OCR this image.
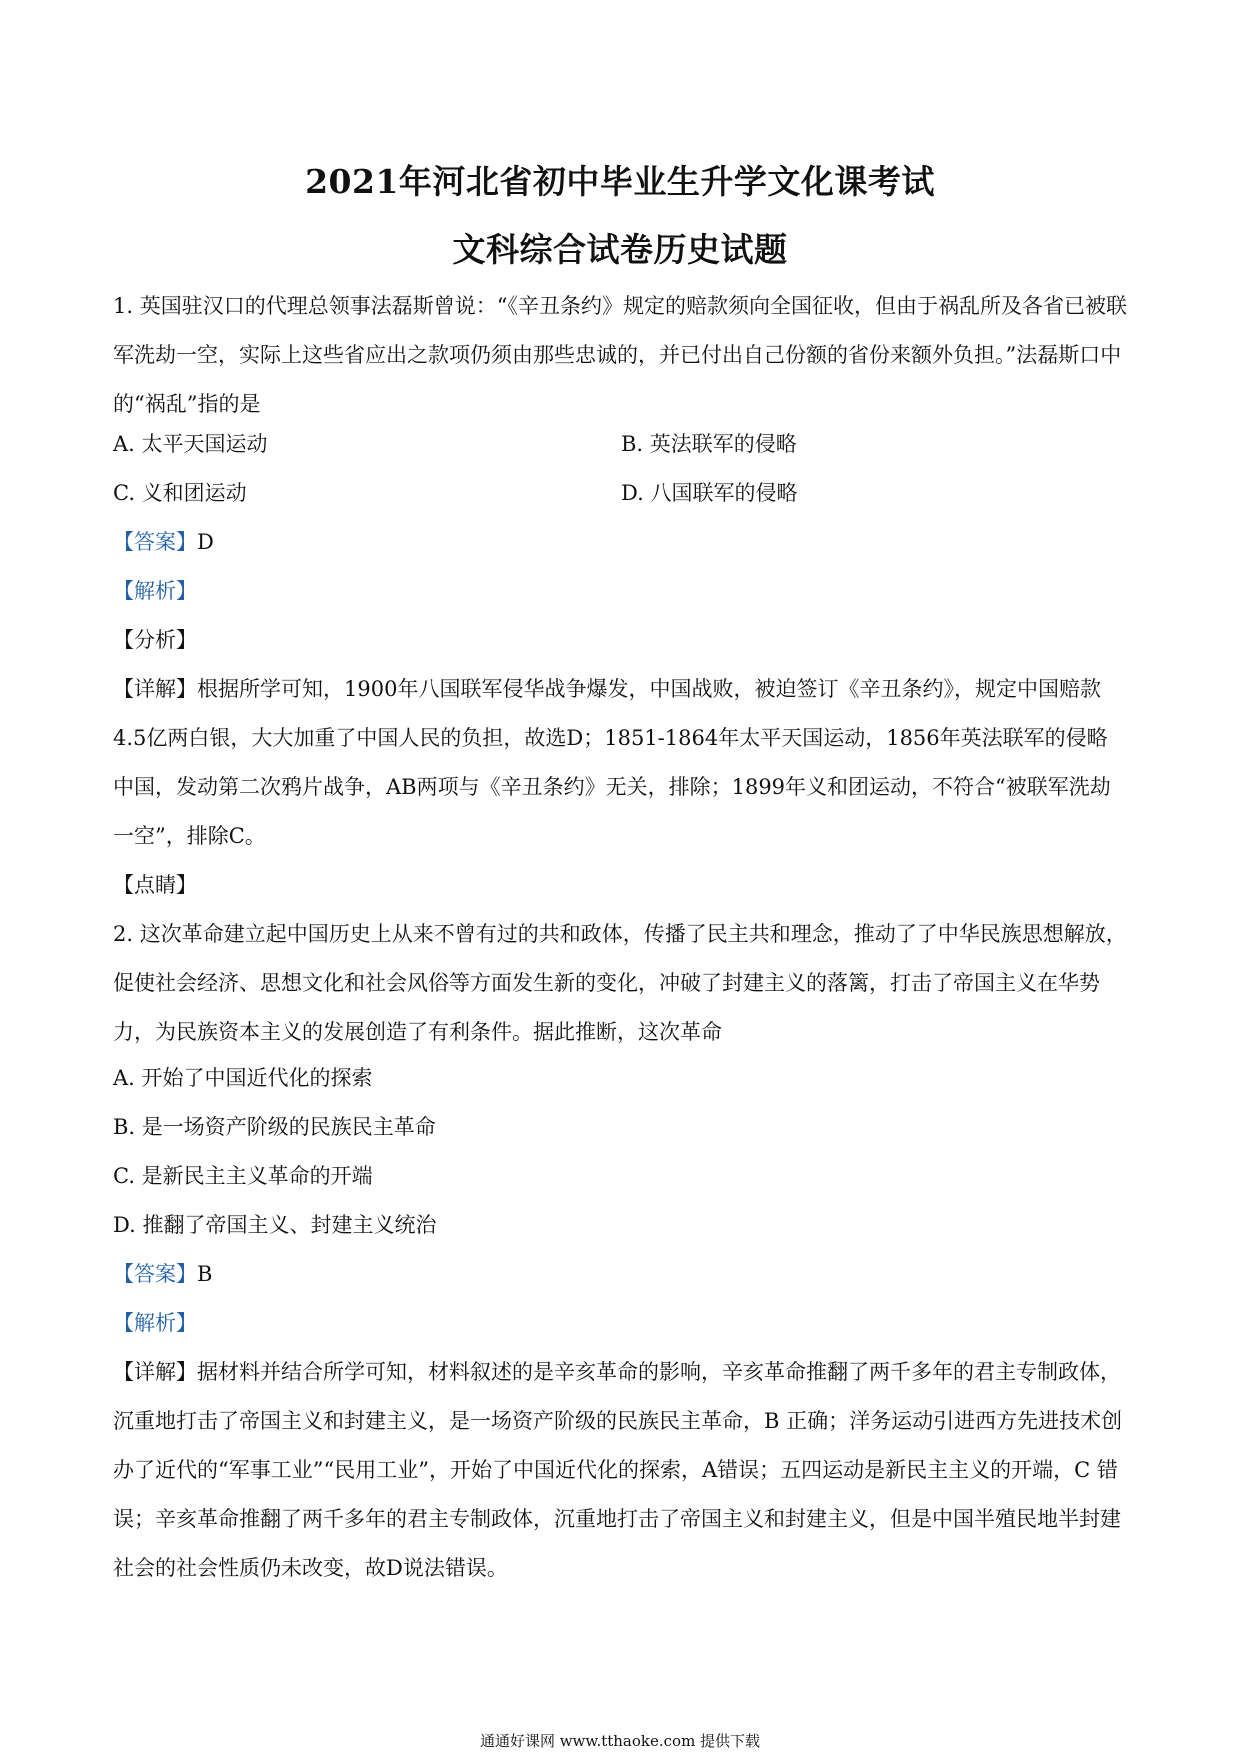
2021年河北省初中毕业生升学文化课考试
文科综合试卷历史试题

1. 英国驻汉口的代理总领事法磊斯曾说：“《辛丑条约》规定的赔款须向全国征收，但由于祸乱所及各省已被联军洗劫一空，实际上这些省应出之款项仍须由那些忠诚的，并已付出自己份额的省份来额外负担。”法磊斯口中的“祸乱”指的是

A. 太平天国运动	B. 英法联军的侵略
C. 义和团运动	D. 八国联军的侵略
【答案】D
【解析】
【分析】

【详解】根据所学可知，1900年八国联军侵华战争爆发，中国战败，被迫签订《辛丑条约》，规定中国赔款4.5亿两白银，大大加重了中国人民的负担，故选D；1851-1864年太平天国运动，1856年英法联军的侵略中国，发动第二次鸦片战争，AB两项与《辛丑条约》无关，排除；1899年义和团运动，不符合“被联军洗劫一空”，排除C。

【点睛】

2. 这次革命建立起中国历史上从来不曾有过的共和政体，传播了民主共和理念，推动了了中华民族思想解放，促使社会经济、思想文化和社会风俗等方面发生新的变化，冲破了封建主义的落篱，打击了帝国主义在华势力，为民族资本主义的发展创造了有利条件。据此推断，这次革命

A. 开始了中国近代化的探索
B. 是一场资产阶级的民族民主革命
C. 是新民主主义革命的开端
D. 推翻了帝国主义、封建主义统治
【答案】B
【解析】

【详解】据材料并结合所学可知，材料叙述的是辛亥革命的影响，辛亥革命推翻了两千多年的君主专制政体，沉重地打击了帝国主义和封建主义，是一场资产阶级的民族民主革命，B 正确；洋务运动引进西方先进技术创办了近代的“军事工业”“民用工业”，开始了中国近代化的探索，A错误；五四运动是新民主主义的开端，C 错误；辛亥革命推翻了两千多年的君主专制政体，沉重地打击了帝国主义和封建主义，但是中国半殖民地半封建社会的社会性质仍未改变，故D说法错误。

通通好课网 www.tthaoke.com 提供下载
